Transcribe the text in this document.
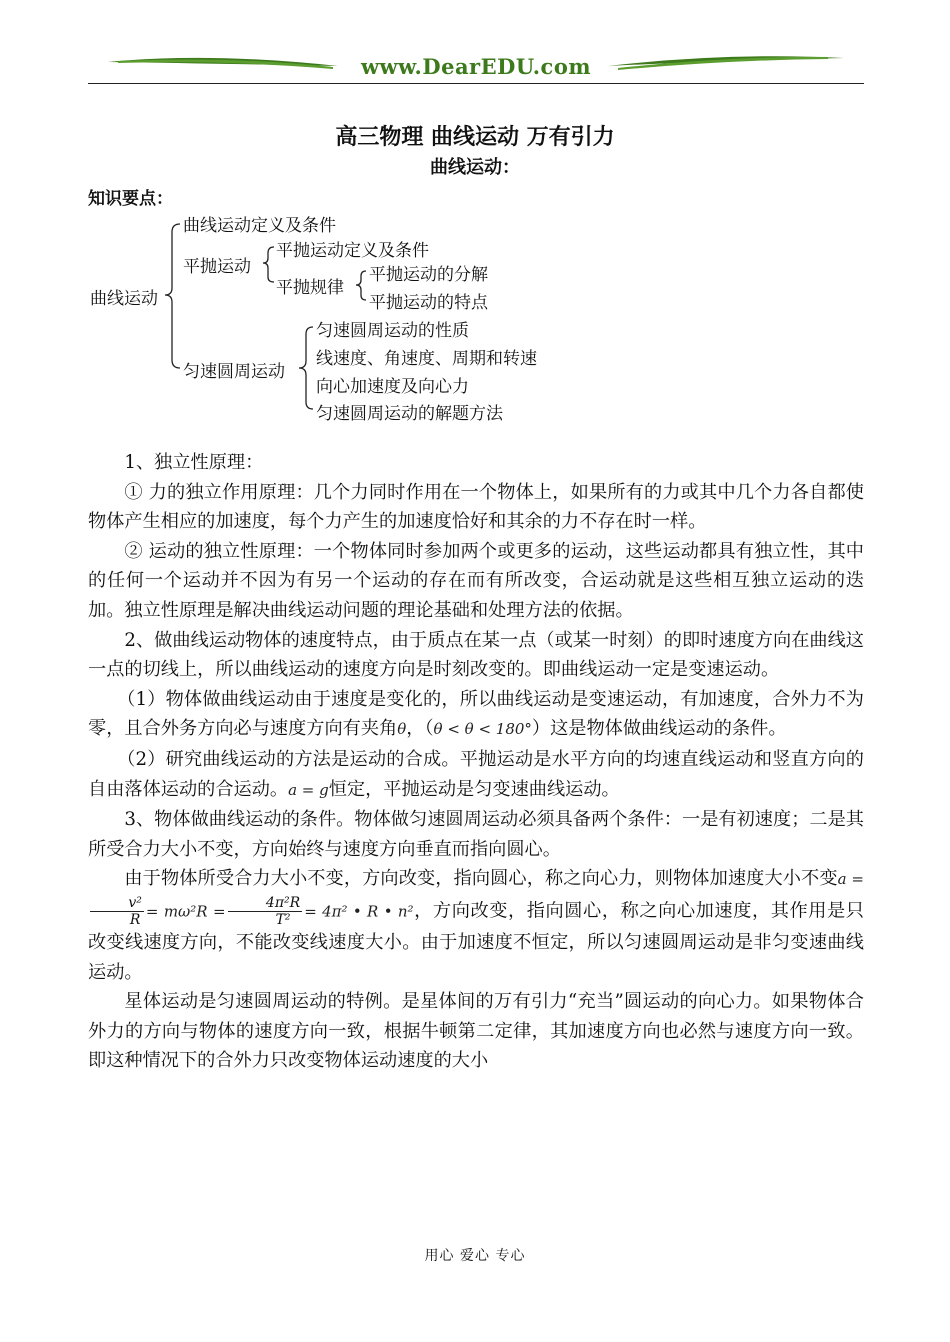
www.DearEDU.com
高三物理 曲线运动 万有引力
曲线运动：
知识要点：
曲线运动
曲线运动定义及条件
平抛运动
平抛运动定义及条件
平抛规律
平抛运动的分解
平抛运动的特点
匀速圆周运动
匀速圆周运动的性质
线速度、角速度、周期和转速
向心加速度及向心力
匀速圆周运动的解题方法

1、独立性原理：

① 力的独立作用原理：几个力同时作用在一个物体上，如果所有的力或其中几个力各自都使物体产生相应的加速度，每个力产生的加速度恰好和其余的力不存在时一样。

② 运动的独立性原理：一个物体同时参加两个或更多的运动，这些运动都具有独立性，其中的任何一个运动并不因为有另一个运动的存在而有所改变，合运动就是这些相互独立运动的迭加。独立性原理是解决曲线运动问题的理论基础和处理方法的依据。

2、做曲线运动物体的速度特点，由于质点在某一点（或某一时刻）的即时速度方向在曲线这一点的切线上，所以曲线运动的速度方向是时刻改变的。即曲线运动一定是变速运动。

（1）物体做曲线运动由于速度是变化的，所以曲线运动是变速运动，有加速度，合外力不为零，且合外务方向必与速度方向有夹角θ，（θ < θ < 180°）这是物体做曲线运动的条件。

（2）研究曲线运动的方法是运动的合成。平抛运动是水平方向的均速直线运动和竖直方向的自由落体运动的合运动。a = g恒定，平抛运动是匀变速曲线运动。

3、物体做曲线运动的条件。物体做匀速圆周运动必须具备两个条件：一是有初速度；二是其所受合力大小不变，方向始终与速度方向垂直而指向圆心。

由于物体所受合力大小不变，方向改变，指向圆心，称之向心力，则物体加速度大小不变a =
$\frac{\text{v²}}{R} = m\omega^2R = \frac{\text{4π²R}}{\text{T²}} = 4\pi^2$ • R • n²，方向改变，指向圆心，称之向心加速度，其作用是只改变线速度方向，不能改变线速度大小。由于加速度不恒定，所以匀速圆周运动是非匀变速曲线运动。

星体运动是匀速圆周运动的特例。是星体间的万有引力“充当”圆运动的向心力。如果物体合外力的方向与物体的速度方向一致，根据牛顿第二定律，其加速度方向也必然与速度方向一致。即这种情况下的合外力只改变物体运动速度的大小

用心 爱心 专心
